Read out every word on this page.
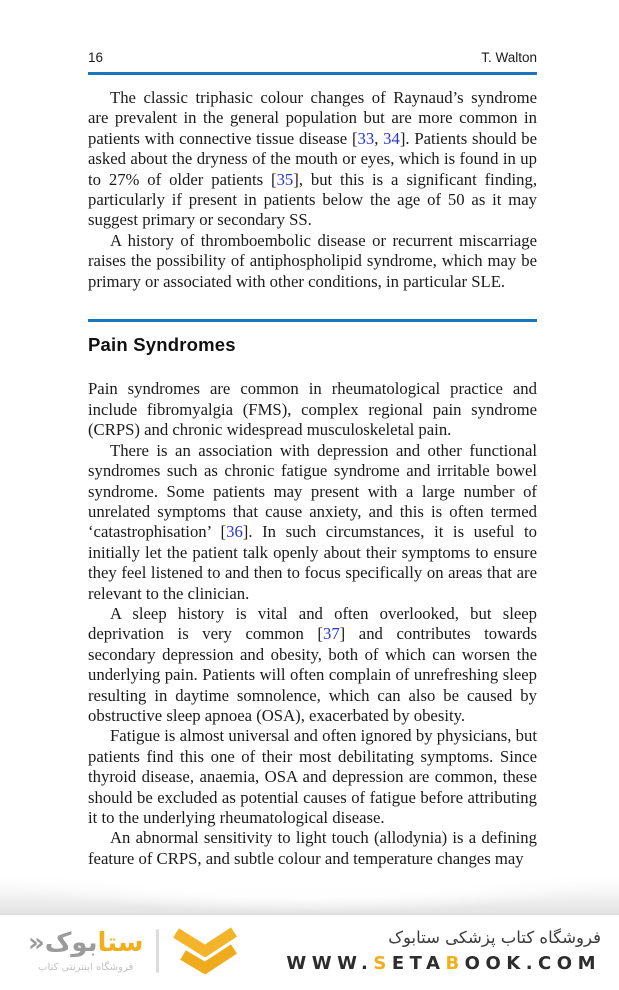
16	T. Walton

The classic triphasic colour changes of Raynaud’s syndrome are prevalent in the general population but are more common in patients with connective tissue disease [33, 34]. Patients should be asked about the dryness of the mouth or eyes, which is found in up to 27% of older patients [35], but this is a significant finding, particularly if present in patients below the age of 50 as it may suggest primary or secondary SS.

A history of thromboembolic disease or recurrent miscarriage raises the possibility of antiphospholipid syndrome, which may be primary or associated with other conditions, in particular SLE.

Pain Syndromes

Pain syndromes are common in rheumatological practice and include fibromyalgia (FMS), complex regional pain syndrome (CRPS) and chronic widespread musculoskeletal pain.

There is an association with depression and other functional syndromes such as chronic fatigue syndrome and irritable bowel syndrome. Some patients may present with a large number of unrelated symptoms that cause anxiety, and this is often termed ‘catastrophisation’ [36]. In such circumstances, it is useful to initially let the patient talk openly about their symptoms to ensure they feel listened to and then to focus specifically on areas that are relevant to the clinician.

A sleep history is vital and often overlooked, but sleep deprivation is very common [37] and contributes towards secondary depression and obesity, both of which can worsen the underlying pain. Patients will often complain of unrefreshing sleep resulting in daytime somnolence, which can also be caused by obstructive sleep apnoea (OSA), exacerbated by obesity.

Fatigue is almost universal and often ignored by physicians, but patients find this one of their most debilitating symptoms. Since thyroid disease, anaemia, OSA and depression are common, these should be excluded as potential causes of fatigue before attributing it to the underlying rheumatological disease.

An abnormal sensitivity to light touch (allodynia) is a defining feature of CRPS, and subtle colour and temperature changes may

ستابوک«
فروشگاه اینترنتی کتاب
فروشگاه کتاب پزشکی ستابوک
WWW.SETABOOK.COM
